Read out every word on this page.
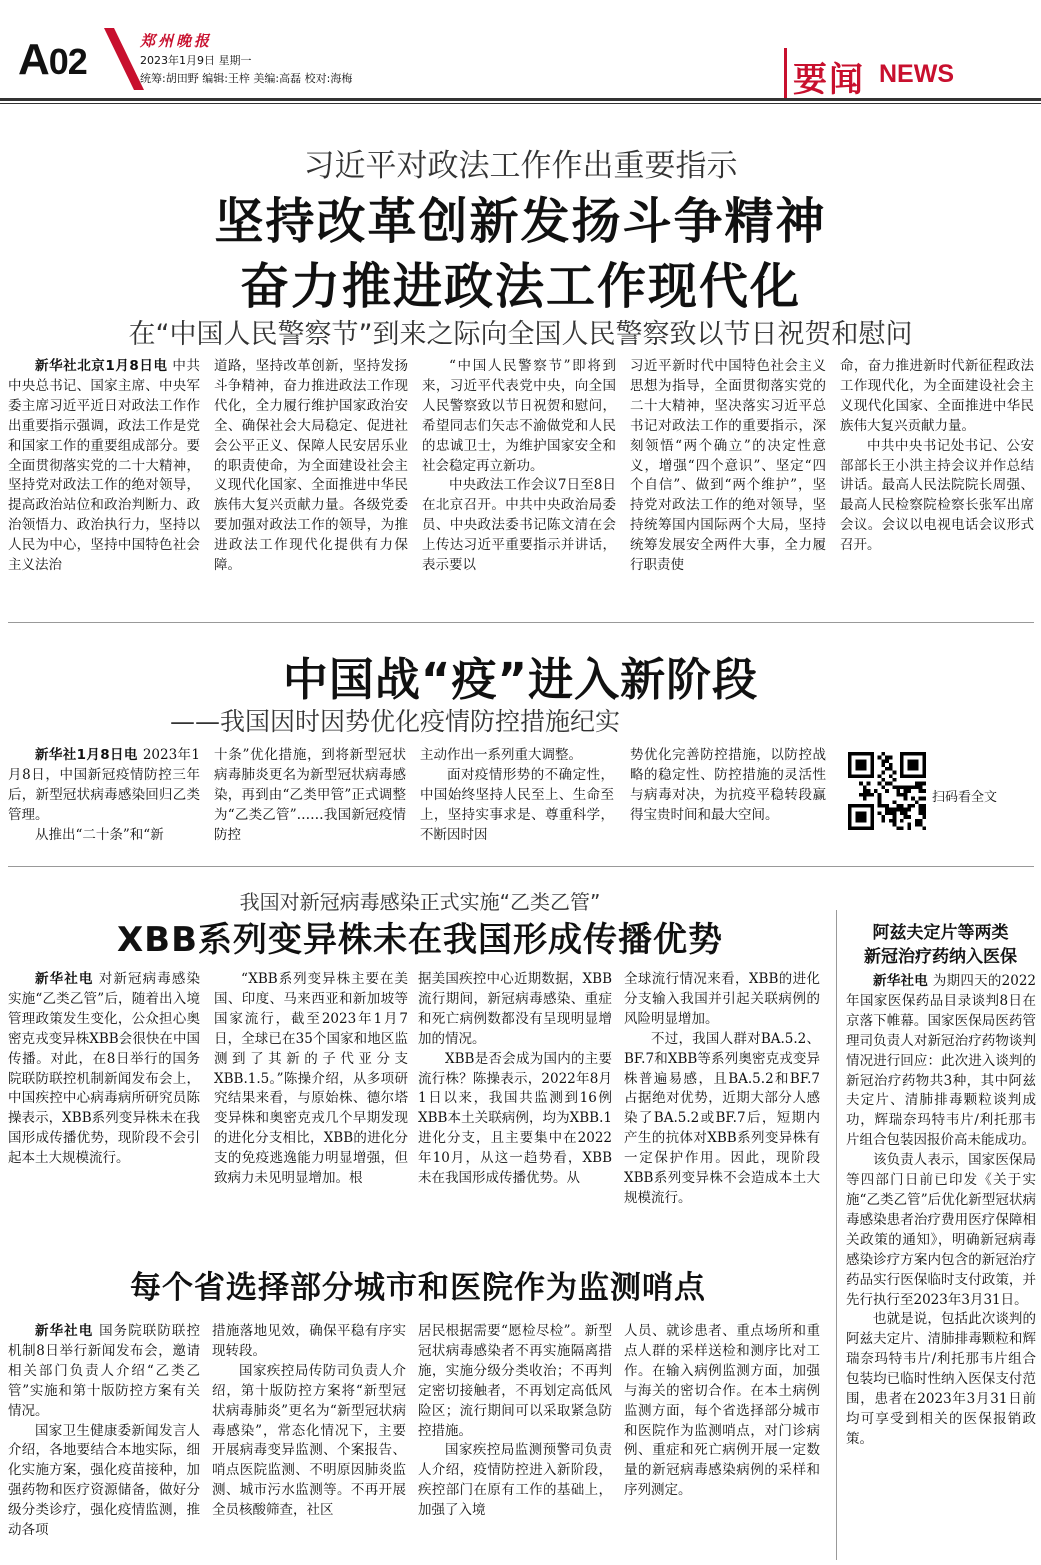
A02	郑州晚报
2023年1月9日 星期一
统筹:胡田野 编辑:王梓 美编:高磊 校对:海梅	要闻 NEWS
习近平对政法工作作出重要指示
坚持改革创新发扬斗争精神
奋力推进政法工作现代化
在“中国人民警察节”到来之际向全国人民警察致以节日祝贺和慰问

新华社北京1月8日电 中共中央总书记、国家主席、中央军委主席习近平近日对政法工作作出重要指示强调，政法工作是党和国家工作的重要组成部分。要全面贯彻落实党的二十大精神，坚持党对政法工作的绝对领导，提高政治站位和政治判断力、政治领悟力、政治执行力，坚持以人民为中心，坚持中国特色社会主义法治

道路，坚持改革创新，坚持发扬斗争精神，奋力推进政法工作现代化，全力履行维护国家政治安全、确保社会大局稳定、促进社会公平正义、保障人民安居乐业的职责使命，为全面建设社会主义现代化国家、全面推进中华民族伟大复兴贡献力量。各级党委要加强对政法工作的领导，为推进政法工作现代化提供有力保障。

“中国人民警察节”即将到来，习近平代表党中央，向全国人民警察致以节日祝贺和慰问，希望同志们矢志不渝做党和人民的忠诚卫士，为维护国家安全和社会稳定再立新功。

中央政法工作会议7日至8日在北京召开。中共中央政治局委员、中央政法委书记陈文清在会上传达习近平重要指示并讲话，表示要以

习近平新时代中国特色社会主义思想为指导，全面贯彻落实党的二十大精神，坚决落实习近平总书记对政法工作的重要指示，深刻领悟“两个确立”的决定性意义，增强“四个意识”、坚定“四个自信”、做到“两个维护”，坚持党对政法工作的绝对领导，坚持统筹国内国际两个大局，坚持统筹发展安全两件大事，全力履行职责使

命，奋力推进新时代新征程政法工作现代化，为全面建设社会主义现代化国家、全面推进中华民族伟大复兴贡献力量。

中共中央书记处书记、公安部部长王小洪主持会议并作总结讲话。最高人民法院院长周强、最高人民检察院检察长张军出席会议。会议以电视电话会议形式召开。

中国战“疫”进入新阶段
——我国因时因势优化疫情防控措施纪实

新华社1月8日电 2023年1月8日，中国新冠疫情防控三年后，新型冠状病毒感染回归乙类管理。

从推出“二十条”和“新

十条”优化措施，到将新型冠状病毒肺炎更名为新型冠状病毒感染，再到由“乙类甲管”正式调整为“乙类乙管”……我国新冠疫情防控

主动作出一系列重大调整。

面对疫情形势的不确定性，中国始终坚持人民至上、生命至上，坚持实事求是、尊重科学，不断因时因

势优化完善防控措施，以防控战略的稳定性、防控措施的灵活性与病毒对决，为抗疫平稳转段赢得宝贵时间和最大空间。

扫码看全文
我国对新冠病毒感染正式实施“乙类乙管”
XBB系列变异株未在我国形成传播优势

新华社电 对新冠病毒感染实施“乙类乙管”后，随着出入境管理政策发生变化，公众担心奥密克戎变异株XBB会很快在中国传播。对此，在8日举行的国务院联防联控机制新闻发布会上，中国疾控中心病毒病所研究员陈操表示，XBB系列变异株未在我国形成传播优势，现阶段不会引起本土大规模流行。

“XBB系列变异株主要在美国、印度、马来西亚和新加坡等国家流行，截至2023年1月7日，全球已在35个国家和地区监测到了其新的子代亚分支XBB.1.5。”陈操介绍，从多项研究结果来看，与原始株、德尔塔变异株和奥密克戎几个早期发现的进化分支相比，XBB的进化分支的免疫逃逸能力明显增强，但致病力未见明显增加。根

据美国疾控中心近期数据，XBB流行期间，新冠病毒感染、重症和死亡病例数都没有呈现明显增加的情况。

XBB是否会成为国内的主要流行株？陈操表示，2022年8月1日以来，我国共监测到16例XBB本土关联病例，均为XBB.1进化分支，且主要集中在2022年10月，从这一趋势看，XBB未在我国形成传播优势。从

全球流行情况来看，XBB的进化分支输入我国并引起关联病例的风险明显增加。

不过，我国人群对BA.5.2、BF.7和XBB等系列奥密克戎变异株普遍易感，且BA.5.2和BF.7占据绝对优势，近期大部分人感染了BA.5.2或BF.7后，短期内产生的抗体对XBB系列变异株有一定保护作用。因此，现阶段XBB系列变异株不会造成本土大规模流行。

阿兹夫定片等两类
新冠治疗药纳入医保

新华社电 为期四天的2022年国家医保药品目录谈判8日在京落下帷幕。国家医保局医药管理司负责人对新冠治疗药物谈判情况进行回应：此次进入谈判的新冠治疗药物共3种，其中阿兹夫定片、清肺排毒颗粒谈判成功，辉瑞奈玛特韦片/利托那韦片组合包装因报价高未能成功。

该负责人表示，国家医保局等四部门日前已印发《关于实施“乙类乙管”后优化新型冠状病毒感染患者治疗费用医疗保障相关政策的通知》，明确新冠病毒感染诊疗方案内包含的新冠治疗药品实行医保临时支付政策，并先行执行至2023年3月31日。

也就是说，包括此次谈判的阿兹夫定片、清肺排毒颗粒和辉瑞奈玛特韦片/利托那韦片组合包装均已临时性纳入医保支付范围，患者在2023年3月31日前均可享受到相关的医保报销政策。

每个省选择部分城市和医院作为监测哨点

新华社电 国务院联防联控机制8日举行新闻发布会，邀请相关部门负责人介绍“乙类乙管”实施和第十版防控方案有关情况。

国家卫生健康委新闻发言人介绍，各地要结合本地实际，细化实施方案，强化疫苗接种，加强药物和医疗资源储备，做好分级分类诊疗，强化疫情监测，推动各项

措施落地见效，确保平稳有序实现转段。

国家疾控局传防司负责人介绍，第十版防控方案将“新型冠状病毒肺炎”更名为“新型冠状病毒感染”，常态化情况下，主要开展病毒变异监测、个案报告、哨点医院监测、不明原因肺炎监测、城市污水监测等。不再开展全员核酸筛查，社区

居民根据需要“愿检尽检”。新型冠状病毒感染者不再实施隔离措施，实施分级分类收治；不再判定密切接触者，不再划定高低风险区；流行期间可以采取紧急防控措施。

国家疾控局监测预警司负责人介绍，疫情防控进入新阶段，疾控部门在原有工作的基础上，加强了入境

人员、就诊患者、重点场所和重点人群的采样送检和测序比对工作。在输入病例监测方面，加强与海关的密切合作。在本土病例监测方面，每个省选择部分城市和医院作为监测哨点，对门诊病例、重症和死亡病例开展一定数量的新冠病毒感染病例的采样和序列测定。
